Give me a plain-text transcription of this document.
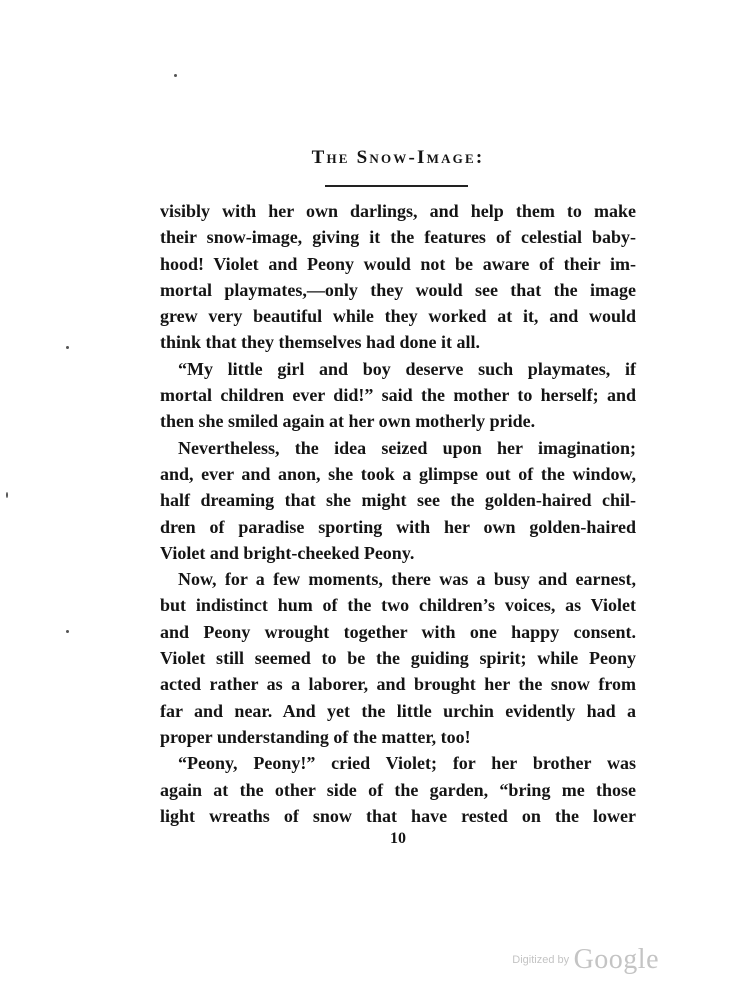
The Snow-Image:

visibly with her own darlings, and help them to make

their snow-image, giving it the features of celestial baby-

hood! Violet and Peony would not be aware of their im-

mortal playmates,—only they would see that the image

grew very beautiful while they worked at it, and would

think that they themselves had done it all.

“My little girl and boy deserve such playmates, if

mortal children ever did!” said the mother to herself; and

then she smiled again at her own motherly pride.

Nevertheless, the idea seized upon her imagination;

and, ever and anon, she took a glimpse out of the window,

half dreaming that she might see the golden-haired chil-

dren of paradise sporting with her own golden-haired

Violet and bright-cheeked Peony.

Now, for a few moments, there was a busy and earnest,

but indistinct hum of the two children’s voices, as Violet

and Peony wrought together with one happy consent.

Violet still seemed to be the guiding spirit; while Peony

acted rather as a laborer, and brought her the snow from

far and near. And yet the little urchin evidently had a

proper understanding of the matter, too!

“Peony, Peony!” cried Violet; for her brother was

again at the other side of the garden, “bring me those

light wreaths of snow that have rested on the lower

10
Digitized by Google
